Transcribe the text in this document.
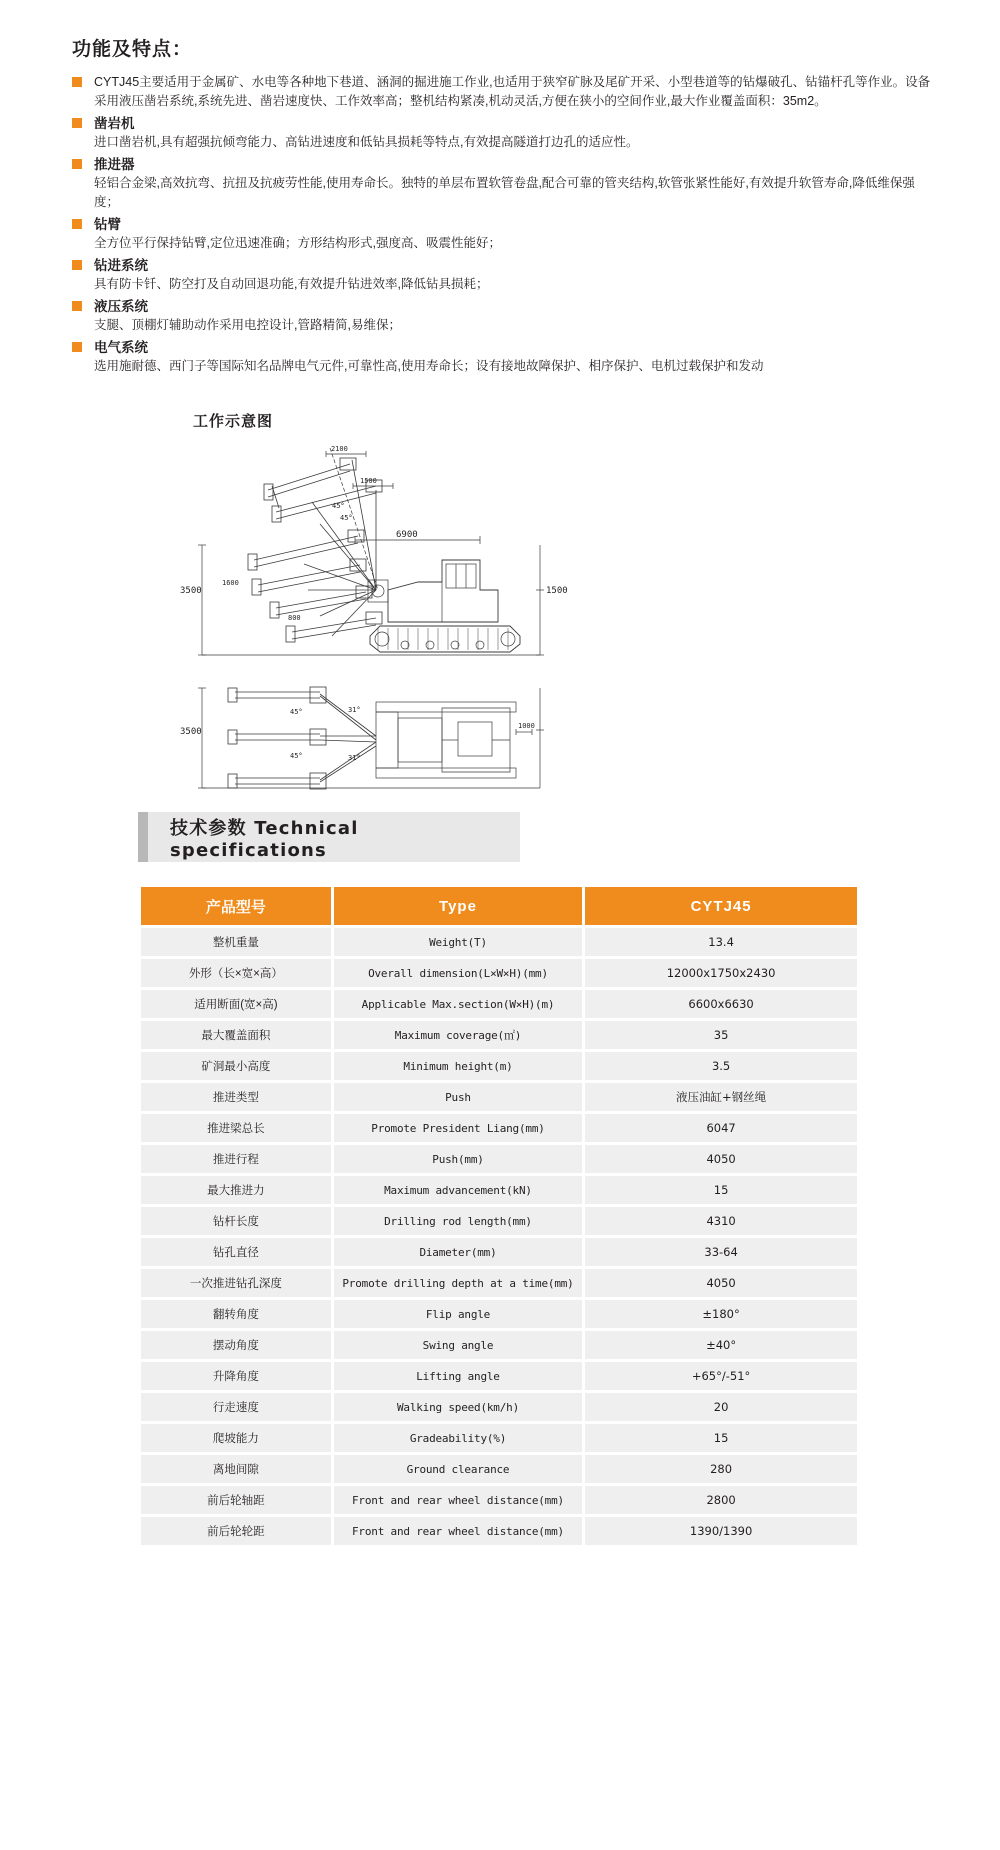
功能及特点：
CYTJ45主要适用于金属矿、水电等各种地下巷道、涵洞的掘进施工作业,也适用于狭窄矿脉及尾矿开采、小型巷道等的钻爆破孔、钻锚杆孔等作业。设备采用液压凿岩系统,系统先进、凿岩速度快、工作效率高；整机结构紧凑,机动灵活,方便在狭小的空间作业,最大作业覆盖面积：35m2。
凿岩机
进口凿岩机,具有超强抗倾弯能力、高钻进速度和低钻具损耗等特点,有效提高隧道打边孔的适应性。
推进器
轻铝合金梁,高效抗弯、抗扭及抗疲劳性能,使用寿命长。独特的单层布置软管卷盘,配合可靠的管夹结构,软管张紧性能好,有效提升软管寿命,降低维保强度；
钻臂
全方位平行保持钻臂,定位迅速准确；方形结构形式,强度高、吸震性能好；
钻进系统
具有防卡钎、防空打及自动回退功能,有效提升钻进效率,降低钻具损耗；
液压系统
支腿、顶棚灯辅助动作采用电控设计,管路精简,易维保；
电气系统
选用施耐德、西门子等国际知名品牌电气元件,可靠性高,使用寿命长；设有接地故障保护、相序保护、电机过载保护和发动
工作示意图
2100
1500
6900
3500	1500
1600
800
45°
45°
3500
1000
45°
45°
31°
31°
技术参数 Technical specifications
产品型号	Type	CYTJ45
整机重量	Weight(T)	13.4
外形（长×宽×高）	Overall dimension(L×W×H)(mm)	12000x1750x2430
适用断面(宽×高)	Applicable Max.section(W×H)(m)	6600x6630
最大覆盖面积	Maximum coverage(㎡)	35
矿洞最小高度	Minimum height(m)	3.5
推进类型	Push	液压油缸+钢丝绳
推进梁总长	Promote President Liang(mm)	6047
推进行程	Push(mm)	4050
最大推进力	Maximum advancement(kN)	15
钻杆长度	Drilling rod length(mm)	4310
钻孔直径	Diameter(mm)	33-64
一次推进钻孔深度	Promote drilling depth at a time(mm)	4050
翻转角度	Flip angle	±180°
摆动角度	Swing angle	±40°
升降角度	Lifting angle	+65°/-51°
行走速度	Walking speed(km/h)	20
爬坡能力	Gradeability(%)	15
离地间隙	Ground clearance	280
前后轮轴距	Front and rear wheel distance(mm)	2800
前后轮轮距	Front and rear wheel distance(mm)	1390/1390
